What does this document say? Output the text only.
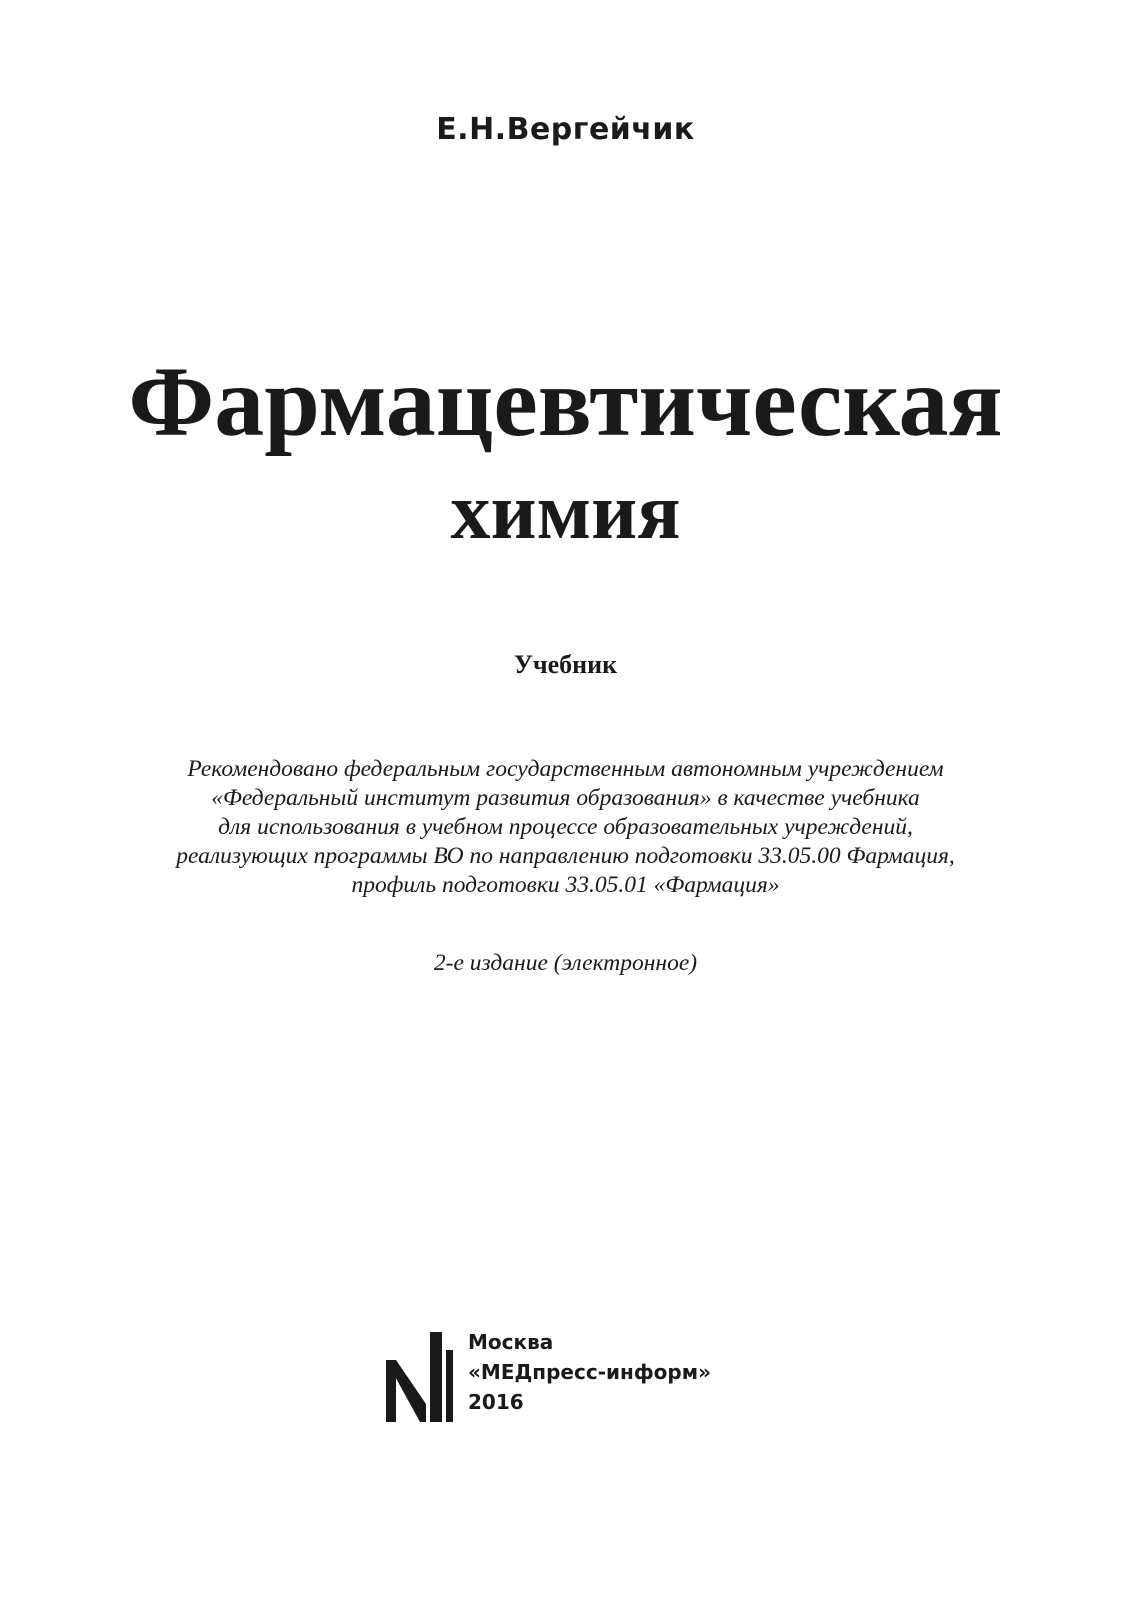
Е.Н.Вергейчик
Фармацевтическая
химия
Учебник
Рекомендовано федеральным государственным автономным учреждением
«Федеральный институт развития образования» в качестве учебника
для использования в учебном процессе образовательных учреждений,
реализующих программы ВО по направлению подготовки 33.05.00 Фармация,
профиль подготовки 33.05.01 «Фармация»
2-е издание (электронное)
Москва
«МЕДпресс-информ»
2016
